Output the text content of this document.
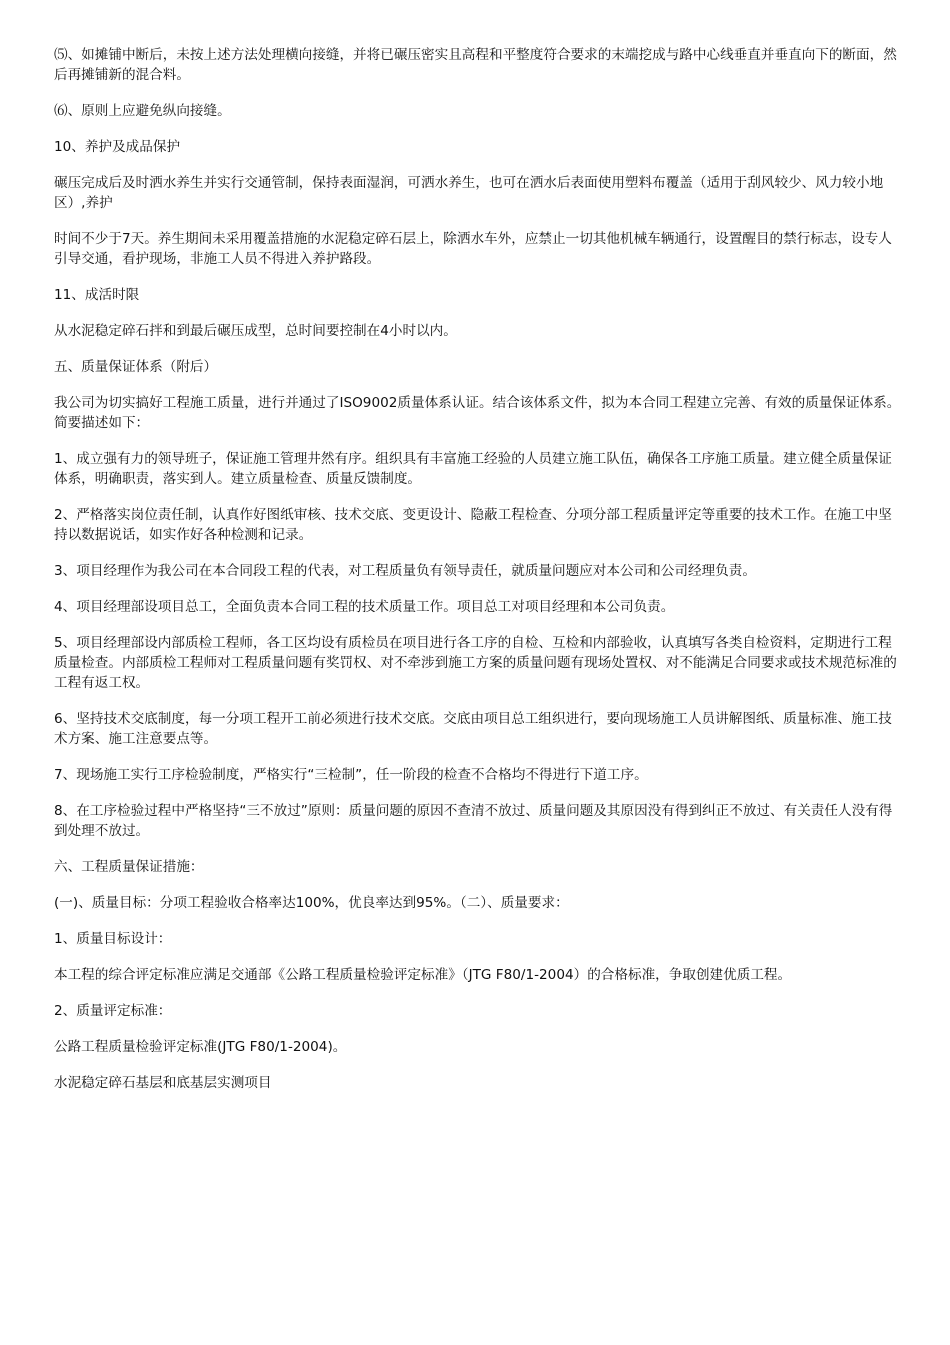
⑸、如摊铺中断后，未按上述方法处理横向接缝，并将已碾压密实且高程和平整度符合要求的末端挖成与路中心线垂直并垂直向下的断面，然后再摊铺新的混合料。

⑹、原则上应避免纵向接缝。

10、养护及成品保护

碾压完成后及时洒水养生并实行交通管制，保持表面湿润，可洒水养生，也可在洒水后表面使用塑料布覆盖（适用于刮风较少、风力较小地区）,养护

时间不少于7天。养生期间未采用覆盖措施的水泥稳定碎石层上，除洒水车外，应禁止一切其他机械车辆通行，设置醒目的禁行标志，设专人引导交通，看护现场，非施工人员不得进入养护路段。

11、成活时限

从水泥稳定碎石拌和到最后碾压成型，总时间要控制在4小时以内。

五、质量保证体系（附后）

我公司为切实搞好工程施工质量，进行并通过了ISO9002质量体系认证。结合该体系文件，拟为本合同工程建立完善、有效的质量保证体系。简要描述如下：

1、成立强有力的领导班子，保证施工管理井然有序。组织具有丰富施工经验的人员建立施工队伍，确保各工序施工质量。建立健全质量保证体系，明确职责，落实到人。建立质量检查、质量反馈制度。

2、严格落实岗位责任制，认真作好图纸审核、技术交底、变更设计、隐蔽工程检查、分项分部工程质量评定等重要的技术工作。在施工中坚持以数据说话，如实作好各种检测和记录。

3、项目经理作为我公司在本合同段工程的代表，对工程质量负有领导责任，就质量问题应对本公司和公司经理负责。

4、项目经理部设项目总工，全面负责本合同工程的技术质量工作。项目总工对项目经理和本公司负责。

5、项目经理部设内部质检工程师，各工区均设有质检员在项目进行各工序的自检、互检和内部验收，认真填写各类自检资料，定期进行工程质量检查。内部质检工程师对工程质量问题有奖罚权、对不牵涉到施工方案的质量问题有现场处置权、对不能满足合同要求或技术规范标准的工程有返工权。

6、坚持技术交底制度，每一分项工程开工前必须进行技术交底。交底由项目总工组织进行，要向现场施工人员讲解图纸、质量标准、施工技术方案、施工注意要点等。

7、现场施工实行工序检验制度，严格实行“三检制”，任一阶段的检查不合格均不得进行下道工序。

8、在工序检验过程中严格坚持“三不放过”原则：质量问题的原因不查清不放过、质量问题及其原因没有得到纠正不放过、有关责任人没有得到处理不放过。

六、工程质量保证措施：

(一)、质量目标：分项工程验收合格率达100%，优良率达到95%。（二）、质量要求：

1、质量目标设计：

本工程的综合评定标准应满足交通部《公路工程质量检验评定标准》（JTG F80/1-2004）的合格标准，争取创建优质工程。

2、质量评定标准：

公路工程质量检验评定标准(JTG F80/1-2004)。

水泥稳定碎石基层和底基层实测项目
